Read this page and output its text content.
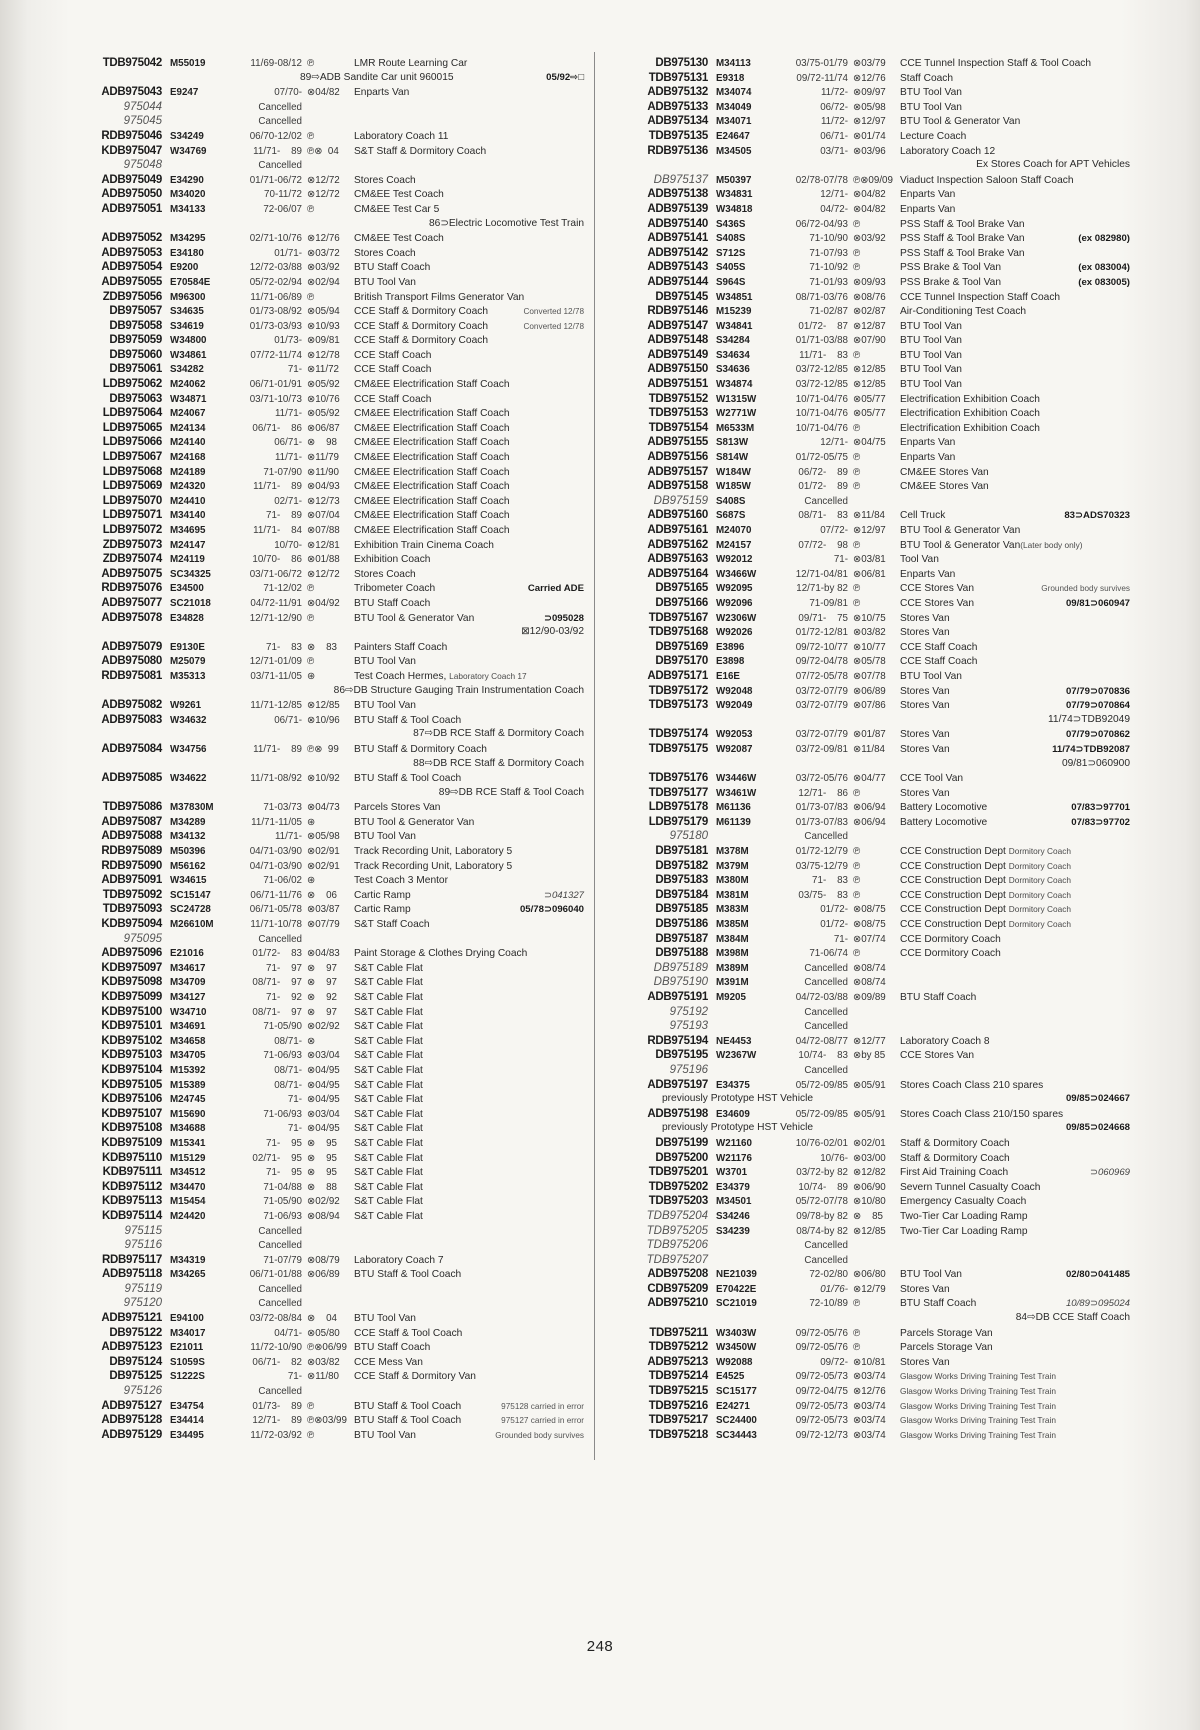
TDB975042 M55019	11/69-08/12 ℗	LMR Route Learning Car
89⇨ADB Sandite Car unit 960015	05/92⇨□
ADB975043 E9247	07/70- ⊗04/82	Enparts Van
975044	Cancelled
975045	Cancelled
RDB975046 S34249	06/70-12/02 ℗	Laboratory Coach 11
KDB975047 W34769	11/71-    89 ℗⊗  04	S&T Staff & Dormitory Coach
975048	Cancelled
ADB975049 E34290	01/71-06/72 ⊗12/72	Stores Coach
ADB975050 M34020	70-11/72 ⊗12/72	CM&EE Test Coach
ADB975051 M34133	72-06/07 ℗	CM&EE Test Car 5
86⊃Electric Locomotive Test Train
ADB975052 M34295	02/71-10/76 ⊗12/76	CM&EE Test Coach
ADB975053 E34180	01/71- ⊗03/72	Stores Coach
ADB975054 E9200	12/72-03/88 ⊗03/92	BTU Staff Coach
ADB975055 E70584E	05/72-02/94 ⊗02/94	BTU Tool Van
ZDB975056 M96300	11/71-06/89 ℗	British Transport Films Generator Van
DB975057 S34635	01/73-08/92 ⊗05/94	CCE Staff & Dormitory Coach	Converted 12/78
DB975058 S34619	01/73-03/93 ⊗10/93	CCE Staff & Dormitory Coach	Converted 12/78
DB975059 W34800	01/73- ⊗09/81	CCE Staff & Dormitory Coach
DB975060 W34861	07/72-11/74 ⊗12/78	CCE Staff Coach
DB975061 S34282	71- ⊗11/72	CCE Staff Coach
LDB975062 M24062	06/71-01/91 ⊗05/92	CM&EE Electrification Staff Coach
DB975063 W34871	03/71-10/73 ⊗10/76	CCE Staff Coach
LDB975064 M24067	11/71- ⊗05/92	CM&EE Electrification Staff Coach
LDB975065 M24134	06/71-    86 ⊗06/87	CM&EE Electrification Staff Coach
LDB975066 M24140	06/71- ⊗    98	CM&EE Electrification Staff Coach
LDB975067 M24168	11/71- ⊗11/79	CM&EE Electrification Staff Coach
LDB975068 M24189	71-07/90 ⊗11/90	CM&EE Electrification Staff Coach
LDB975069 M24320	11/71-    89 ⊗04/93	CM&EE Electrification Staff Coach
LDB975070 M24410	02/71- ⊗12/73	CM&EE Electrification Staff Coach
LDB975071 M34140	71-    89 ⊗07/04	CM&EE Electrification Staff Coach
LDB975072 M34695	11/71-    84 ⊗07/88	CM&EE Electrification Staff Coach
ZDB975073 M24147	10/70- ⊗12/81	Exhibition Train Cinema Coach
ZDB975074 M24119	10/70-    86 ⊗01/88	Exhibition Coach
ADB975075 SC34325	03/71-06/72 ⊗12/72	Stores Coach
RDB975076 E34500	71-12/02 ℗	Tribometer Coach	Carried ADE
ADB975077 SC21018	04/72-11/91 ⊗04/92	BTU Staff Coach
ADB975078 E34828	12/71-12/90 ℗	BTU Tool & Generator Van	⊃095028
⊠12/90-03/92
ADB975079 E9130E	71-    83 ⊗    83	Painters Staff Coach
ADB975080 M25079	12/71-01/09 ℗	BTU Tool Van
RDB975081 M35313	03/71-11/05 ⊛	Test Coach Hermes, Laboratory Coach 17
86⇨DB Structure Gauging Train Instrumentation Coach
ADB975082 W9261	11/71-12/85 ⊗12/85	BTU Tool Van
ADB975083 W34632	06/71- ⊗10/96	BTU Staff & Tool Coach
87⇨DB RCE Staff & Dormitory Coach
ADB975084 W34756	11/71-    89 ℗⊗  99	BTU Staff & Dormitory Coach
88⇨DB RCE Staff & Dormitory Coach
ADB975085 W34622	11/71-08/92 ⊗10/92	BTU Staff & Tool Coach
89⇨DB RCE Staff & Tool Coach
TDB975086 M37830M	71-03/73 ⊗04/73	Parcels Stores Van
ADB975087 M34289	11/71-11/05 ⊛	BTU Tool & Generator Van
ADB975088 M34132	11/71- ⊗05/98	BTU Tool Van
RDB975089 M50396	04/71-03/90 ⊗02/91	Track Recording Unit, Laboratory 5
RDB975090 M56162	04/71-03/90 ⊗02/91	Track Recording Unit, Laboratory 5
ADB975091 W34615	71-06/02 ⊛	Test Coach 3 Mentor
TDB975092 SC15147	06/71-11/76 ⊗    06	Cartic Ramp	⊃041327
TDB975093 SC24728	06/71-05/78 ⊗03/87	Cartic Ramp	05/78⊃096040
KDB975094 M26610M	11/71-10/78 ⊗07/79	S&T Staff Coach
975095	Cancelled
ADB975096 E21016	01/72-    83 ⊗04/83	Paint Storage & Clothes Drying Coach
KDB975097 M34617	71-    97 ⊗    97	S&T Cable Flat
KDB975098 M34709	08/71-    97 ⊗    97	S&T Cable Flat
KDB975099 M34127	71-    92 ⊗    92	S&T Cable Flat
KDB975100 W34710	08/71-    97 ⊗    97	S&T Cable Flat
KDB975101 M34691	71-05/90 ⊗02/92	S&T Cable Flat
KDB975102 M34658	08/71- ⊗	S&T Cable Flat
KDB975103 M34705	71-06/93 ⊗03/04	S&T Cable Flat
KDB975104 M15392	08/71- ⊗04/95	S&T Cable Flat
KDB975105 M15389	08/71- ⊗04/95	S&T Cable Flat
KDB975106 M24745	71- ⊗04/95	S&T Cable Flat
KDB975107 M15690	71-06/93 ⊗03/04	S&T Cable Flat
KDB975108 M34688	71- ⊗04/95	S&T Cable Flat
KDB975109 M15341	71-    95 ⊗    95	S&T Cable Flat
KDB975110 M15129	02/71-    95 ⊗    95	S&T Cable Flat
KDB975111 M34512	71-    95 ⊗    95	S&T Cable Flat
KDB975112 M34470	71-04/88 ⊗    88	S&T Cable Flat
KDB975113 M15454	71-05/90 ⊗02/92	S&T Cable Flat
KDB975114 M24420	71-06/93 ⊗08/94	S&T Cable Flat
975115	Cancelled
975116	Cancelled
RDB975117 M34319	71-07/79 ⊗08/79	Laboratory Coach 7
ADB975118 M34265	06/71-01/88 ⊗06/89	BTU Staff & Tool Coach
975119	Cancelled
975120	Cancelled
ADB975121 E94100	03/72-08/84 ⊗    04	BTU Tool Van
DB975122 M34017	04/71- ⊗05/80	CCE Staff & Tool Coach
ADB975123 E21011	11/72-10/90 ℗⊗06/99 BTU Staff Coach
DB975124 S1059S	06/71-    82 ⊗03/82	CCE Mess Van
DB975125 S1222S	71- ⊗11/80	CCE Staff & Dormitory Van
975126	Cancelled
ADB975127 E34754	01/73-    89 ℗	BTU Staff & Tool Coach	975128 carried in error
ADB975128 E34414	12/71-    89 ℗⊗03/99 BTU Staff & Tool Coach	975127 carried in error
ADB975129 E34495	11/72-03/92 ℗	BTU Tool Van	Grounded body survives
DB975130 M34113	03/75-01/79 ⊗03/79	CCE Tunnel Inspection Staff & Tool Coach
TDB975131 E9318	09/72-11/74 ⊗12/76	Staff Coach
ADB975132 M34074	11/72- ⊗09/97	BTU Tool Van
ADB975133 M34049	06/72- ⊗05/98	BTU Tool Van
ADB975134 M34071	11/72- ⊗12/97	BTU Tool & Generator Van
TDB975135 E24647	06/71- ⊗01/74	Lecture Coach
RDB975136 M34505	03/71- ⊗03/96	Laboratory Coach 12
Ex Stores Coach for APT Vehicles
DB975137 M50397	02/78-07/78 ℗⊗09/09 Viaduct Inspection Saloon Staff Coach
ADB975138 W34831	12/71- ⊗04/82	Enparts Van
ADB975139 W34818	04/72- ⊗04/82	Enparts Van
ADB975140 S436S	06/72-04/93 ℗	PSS Staff & Tool Brake Van
ADB975141 S408S	71-10/90 ⊗03/92	PSS Staff & Tool Brake Van	(ex 082980)
ADB975142 S712S	71-07/93 ℗	PSS Staff & Tool Brake Van
ADB975143 S405S	71-10/92 ℗	PSS Brake & Tool Van	(ex 083004)
ADB975144 S964S	71-01/93 ⊗09/93	PSS Brake & Tool Van	(ex 083005)
DB975145 W34851	08/71-03/76 ⊗08/76	CCE Tunnel Inspection Staff Coach
RDB975146 M15239	71-02/87 ⊗02/87	Air-Conditioning Test Coach
ADB975147 W34841	01/72-    87 ⊗12/87	BTU Tool Van
ADB975148 S34284	01/71-03/88 ⊗07/90	BTU Tool Van
ADB975149 S34634	11/71-    83 ℗	BTU Tool Van
ADB975150 S34636	03/72-12/85 ⊗12/85	BTU Tool Van
ADB975151 W34874	03/72-12/85 ⊗12/85	BTU Tool Van
TDB975152 W1315W	10/71-04/76 ⊗05/77	Electrification Exhibition Coach
TDB975153 W2771W	10/71-04/76 ⊗05/77	Electrification Exhibition Coach
TDB975154 M6533M	10/71-04/76 ℗	Electrification Exhibition Coach
ADB975155 S813W	12/71- ⊗04/75	Enparts Van
ADB975156 S814W	01/72-05/75 ℗	Enparts Van
ADB975157 W184W	06/72-    89 ℗	CM&EE Stores Van
ADB975158 W185W	01/72-    89 ℗	CM&EE Stores Van
DB975159 S408S	Cancelled
ADB975160 S687S	08/71-    83 ⊗11/84	Cell Truck	83⊃ADS70323
ADB975161 M24070	07/72- ⊗12/97	BTU Tool & Generator Van
ADB975162 M24157	07/72-    98 ℗	BTU Tool & Generator Van(Later body only)
ADB975163 W92012	71- ⊗03/81	Tool Van
ADB975164 W3466W	12/71-04/81 ⊗06/81	Enparts Van
DB975165 W92095	12/71-by 82 ℗	CCE Stores Van	Grounded body survives
DB975166 W92096	71-09/81 ℗	CCE Stores Van	09/81⊃060947
TDB975167 W2306W	09/71-    75 ⊗10/75	Stores Van
TDB975168 W92026	01/72-12/81 ⊗03/82	Stores Van
DB975169 E3896	09/72-10/77 ⊗10/77	CCE Staff Coach
DB975170 E3898	09/72-04/78 ⊗05/78	CCE Staff Coach
ADB975171 E16E	07/72-05/78 ⊗07/78	BTU Tool Van
TDB975172 W92048	03/72-07/79 ⊗06/89	Stores Van	07/79⊃070836
TDB975173 W92049	03/72-07/79 ⊗07/86	Stores Van	07/79⊃070864
11/74⊃TDB92049
TDB975174 W92053	03/72-07/79 ⊗01/87	Stores Van	07/79⊃070862
TDB975175 W92087	03/72-09/81 ⊗11/84	Stores Van	11/74⊃TDB92087
09/81⊃060900
TDB975176 W3446W	03/72-05/76 ⊗04/77	CCE Tool Van
TDB975177 W3461W	12/71-    86 ℗	Stores Van
LDB975178 M61136	01/73-07/83 ⊗06/94	Battery Locomotive	07/83⊃97701
LDB975179 M61139	01/73-07/83 ⊗06/94	Battery Locomotive	07/83⊃97702
975180	Cancelled
DB975181 M378M	01/72-12/79 ℗	CCE Construction Dept Dormitory Coach
DB975182 M379M	03/75-12/79 ℗	CCE Construction Dept Dormitory Coach
DB975183 M380M	71-    83 ℗	CCE Construction Dept Dormitory Coach
DB975184 M381M	03/75-    83 ℗	CCE Construction Dept Dormitory Coach
DB975185 M383M	01/72- ⊗08/75	CCE Construction Dept Dormitory Coach
DB975186 M385M	01/72- ⊗08/75	CCE Construction Dept Dormitory Coach
DB975187 M384M	71- ⊗07/74	CCE Dormitory Coach
DB975188 M398M	71-06/74 ℗	CCE Dormitory Coach
DB975189 M389M	Cancelled ⊗08/74
DB975190 M391M	Cancelled ⊗08/74
ADB975191 M9205	04/72-03/88 ⊗09/89	BTU Staff Coach
975192	Cancelled
975193	Cancelled
RDB975194 NE4453	04/72-08/77 ⊗12/77	Laboratory Coach 8
DB975195 W2367W	10/74-    83 ⊗by 85	CCE Stores Van
975196	Cancelled
ADB975197 E34375	05/72-09/85 ⊗05/91	Stores Coach Class 210 spares
previously Prototype HST Vehicle	09/85⊃024667
ADB975198 E34609	05/72-09/85 ⊗05/91	Stores Coach Class 210/150 spares
previously Prototype HST Vehicle	09/85⊃024668
DB975199 W21160	10/76-02/01 ⊗02/01	Staff & Dormitory Coach
DB975200 W21176	10/76- ⊗03/00	Staff & Dormitory Coach
TDB975201 W3701	03/72-by 82 ⊗12/82	First Aid Training Coach	⊃060969
TDB975202 E34379	10/74-    89 ⊗06/90	Severn Tunnel Casualty Coach
TDB975203 M34501	05/72-07/78 ⊗10/80	Emergency Casualty Coach
TDB975204 S34246	09/78-by 82 ⊗    85	Two-Tier Car Loading Ramp
TDB975205 S34239	08/74-by 82 ⊗12/85	Two-Tier Car Loading Ramp
TDB975206	Cancelled
TDB975207	Cancelled
ADB975208 NE21039	72-02/80 ⊗06/80	BTU Tool Van	02/80⊃041485
CDB975209 E70422E	01/76- ⊗12/79	Stores Van
ADB975210 SC21019	72-10/89 ℗	BTU Staff Coach	10/89⊃095024
84⇨DB CCE Staff Coach
TDB975211 W3403W	09/72-05/76 ℗	Parcels Storage Van
TDB975212 W3450W	09/72-05/76 ℗	Parcels Storage Van
ADB975213 W92088	09/72- ⊗10/81	Stores Van
TDB975214 E4525	09/72-05/73 ⊗03/74	Glasgow Works Driving Training Test Train
TDB975215 SC15177	09/72-04/75 ⊗12/76	Glasgow Works Driving Training Test Train
TDB975216 E24271	09/72-05/73 ⊗03/74	Glasgow Works Driving Training Test Train
TDB975217 SC24400	09/72-05/73 ⊗03/74	Glasgow Works Driving Training Test Train
TDB975218 SC34443	09/72-12/73 ⊗03/74	Glasgow Works Driving Training Test Train
248
